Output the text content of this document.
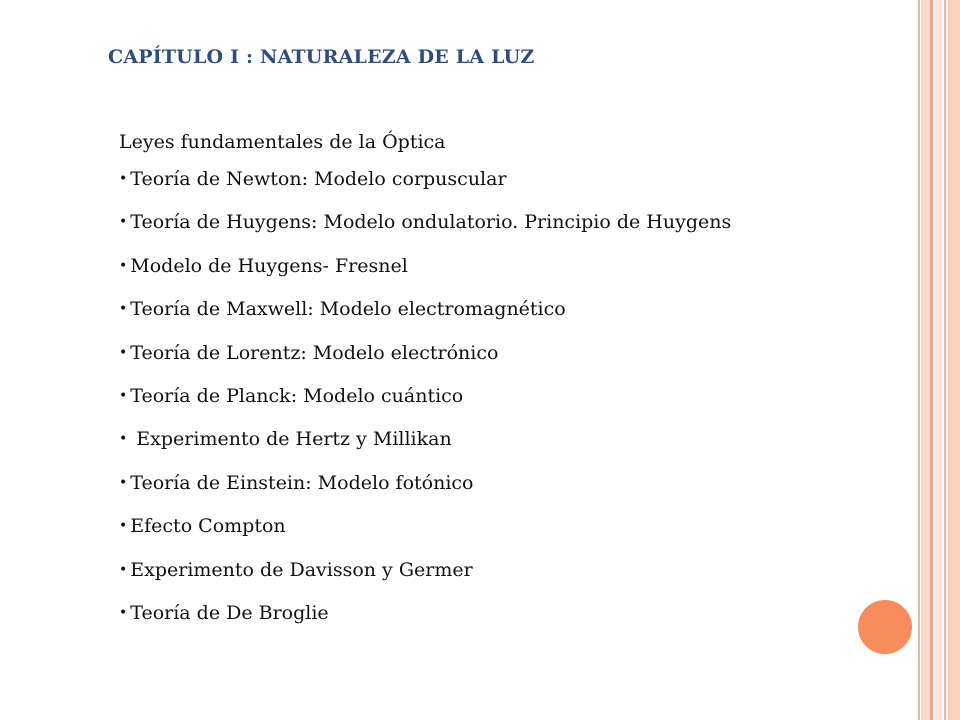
CAPÍTULO I : NATURALEZA DE LA LUZ
Leyes fundamentales de la Óptica
• Teoría de Newton: Modelo corpuscular
• Teoría de Huygens: Modelo ondulatorio. Principio de Huygens
• Modelo de Huygens- Fresnel
• Teoría de Maxwell: Modelo electromagnético
• Teoría de Lorentz: Modelo electrónico
• Teoría de Planck: Modelo cuántico
• Experimento de Hertz y Millikan
• Teoría de Einstein: Modelo fotónico
• Efecto Compton
• Experimento de Davisson y Germer
• Teoría de De Broglie
